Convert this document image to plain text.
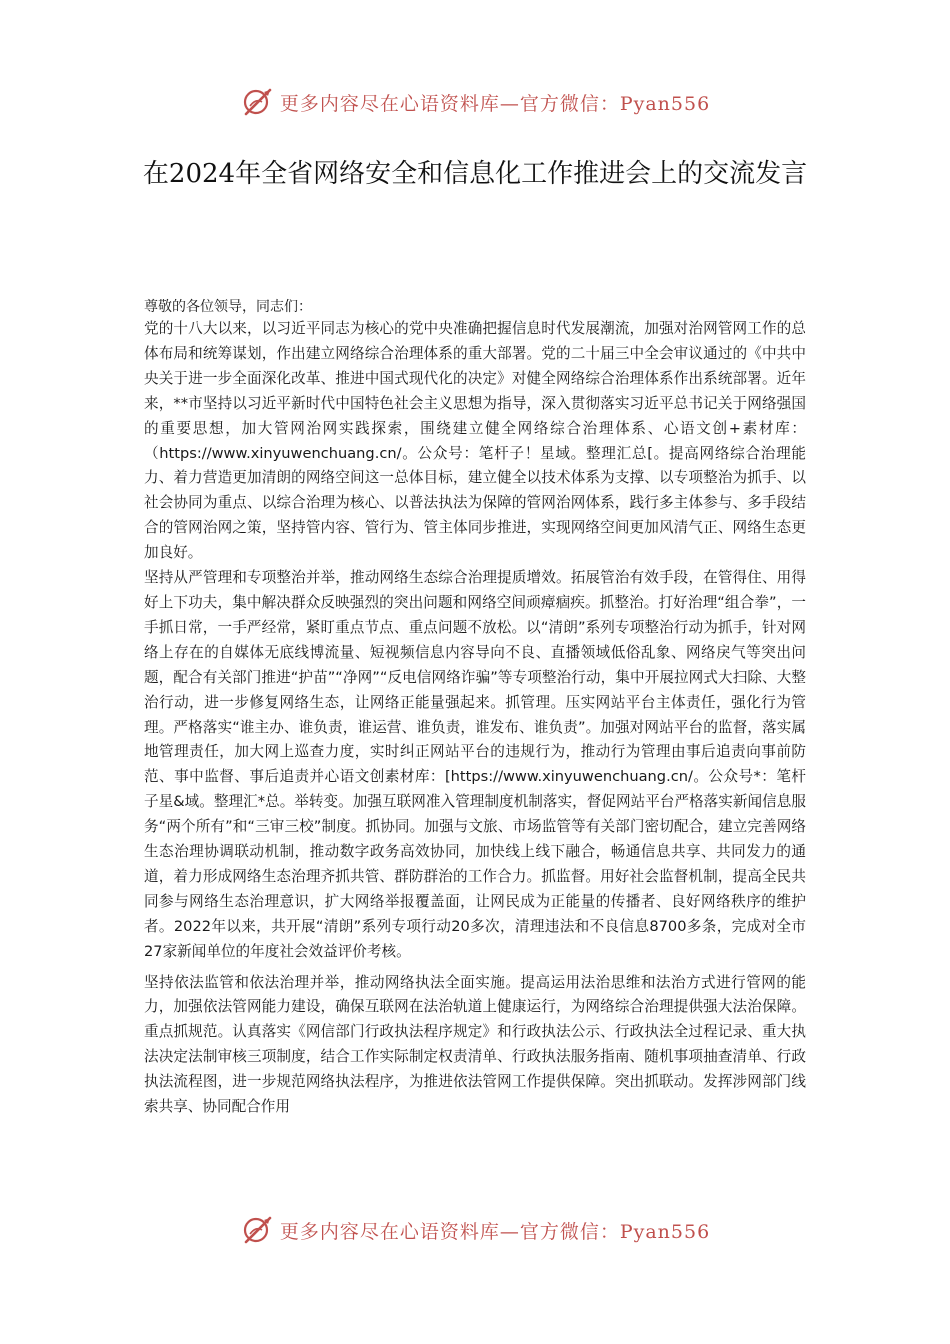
更多内容尽在心语资料库—官方微信：Pyan556
在2024年全省网络安全和信息化工作推进会上的交流发言

尊敬的各位领导，同志们：

党的十八大以来，以习近平同志为核心的党中央准确把握信息时代发展潮流，加强对治网管网工作的总体布局和统筹谋划，作出建立网络综合治理体系的重大部署。党的二十届三中全会审议通过的《中共中央关于进一步全面深化改革、推进中国式现代化的决定》对健全网络综合治理体系作出系统部署。近年来，**市坚持以习近平新时代中国特色社会主义思想为指导，深入贯彻落实习近平总书记关于网络强国的重要思想，加大管网治网实践探索，围绕建立健全网络综合治理体系、心语文创+素材库：（https://www.xinyuwenchuang.cn/。公众号：笔杆子！星域。整理汇总[。提高网络综合治理能力、着力营造更加清朗的网络空间这一总体目标，建立健全以技术体系为支撑、以专项整治为抓手、以社会协同为重点、以综合治理为核心、以普法执法为保障的管网治网体系，践行多主体参与、多手段结合的管网治网之策，坚持管内容、管行为、管主体同步推进，实现网络空间更加风清气正、网络生态更加良好。

坚持从严管理和专项整治并举，推动网络生态综合治理提质增效。拓展管治有效手段，在管得住、用得好上下功夫，集中解决群众反映强烈的突出问题和网络空间顽瘴痼疾。抓整治。打好治理“组合拳”，一手抓日常，一手严经常，紧盯重点节点、重点问题不放松。以“清朗”系列专项整治行动为抓手，针对网络上存在的自媒体无底线博流量、短视频信息内容导向不良、直播领域低俗乱象、网络戾气等突出问题，配合有关部门推进“护苗”“净网”“反电信网络诈骗”等专项整治行动，集中开展拉网式大扫除、大整治行动，进一步修复网络生态，让网络正能量强起来。抓管理。压实网站平台主体责任，强化行为管理。严格落实“谁主办、谁负责，谁运营、谁负责，谁发布、谁负责”。加强对网站平台的监督，落实属地管理责任，加大网上巡查力度，实时纠正网站平台的违规行为，推动行为管理由事后追责向事前防范、事中监督、事后追责并心语文创素材库：[https://www.xinyuwenchuang.cn/。公众号*：笔杆子星&域。整理汇*总。举转变。加强互联网准入管理制度机制落实，督促网站平台严格落实新闻信息服务“两个所有”和“三审三校”制度。抓协同。加强与文旅、市场监管等有关部门密切配合，建立完善网络生态治理协调联动机制，推动数字政务高效协同，加快线上线下融合，畅通信息共享、共同发力的通道，着力形成网络生态治理齐抓共管、群防群治的工作合力。抓监督。用好社会监督机制，提高全民共同参与网络生态治理意识，扩大网络举报覆盖面，让网民成为正能量的传播者、良好网络秩序的维护者。2022年以来，共开展“清朗”系列专项行动20多次，清理违法和不良信息8700多条，完成对全市27家新闻单位的年度社会效益评价考核。

坚持依法监管和依法治理并举，推动网络执法全面实施。提高运用法治思维和法治方式进行管网的能力，加强依法管网能力建设，确保互联网在法治轨道上健康运行，为网络综合治理提供强大法治保障。重点抓规范。认真落实《网信部门行政执法程序规定》和行政执法公示、行政执法全过程记录、重大执法决定法制审核三项制度，结合工作实际制定权责清单、行政执法服务指南、随机事项抽查清单、行政执法流程图，进一步规范网络执法程序，为推进依法管网工作提供保障。突出抓联动。发挥涉网部门线索共享、协同配合作用

更多内容尽在心语资料库—官方微信：Pyan556
